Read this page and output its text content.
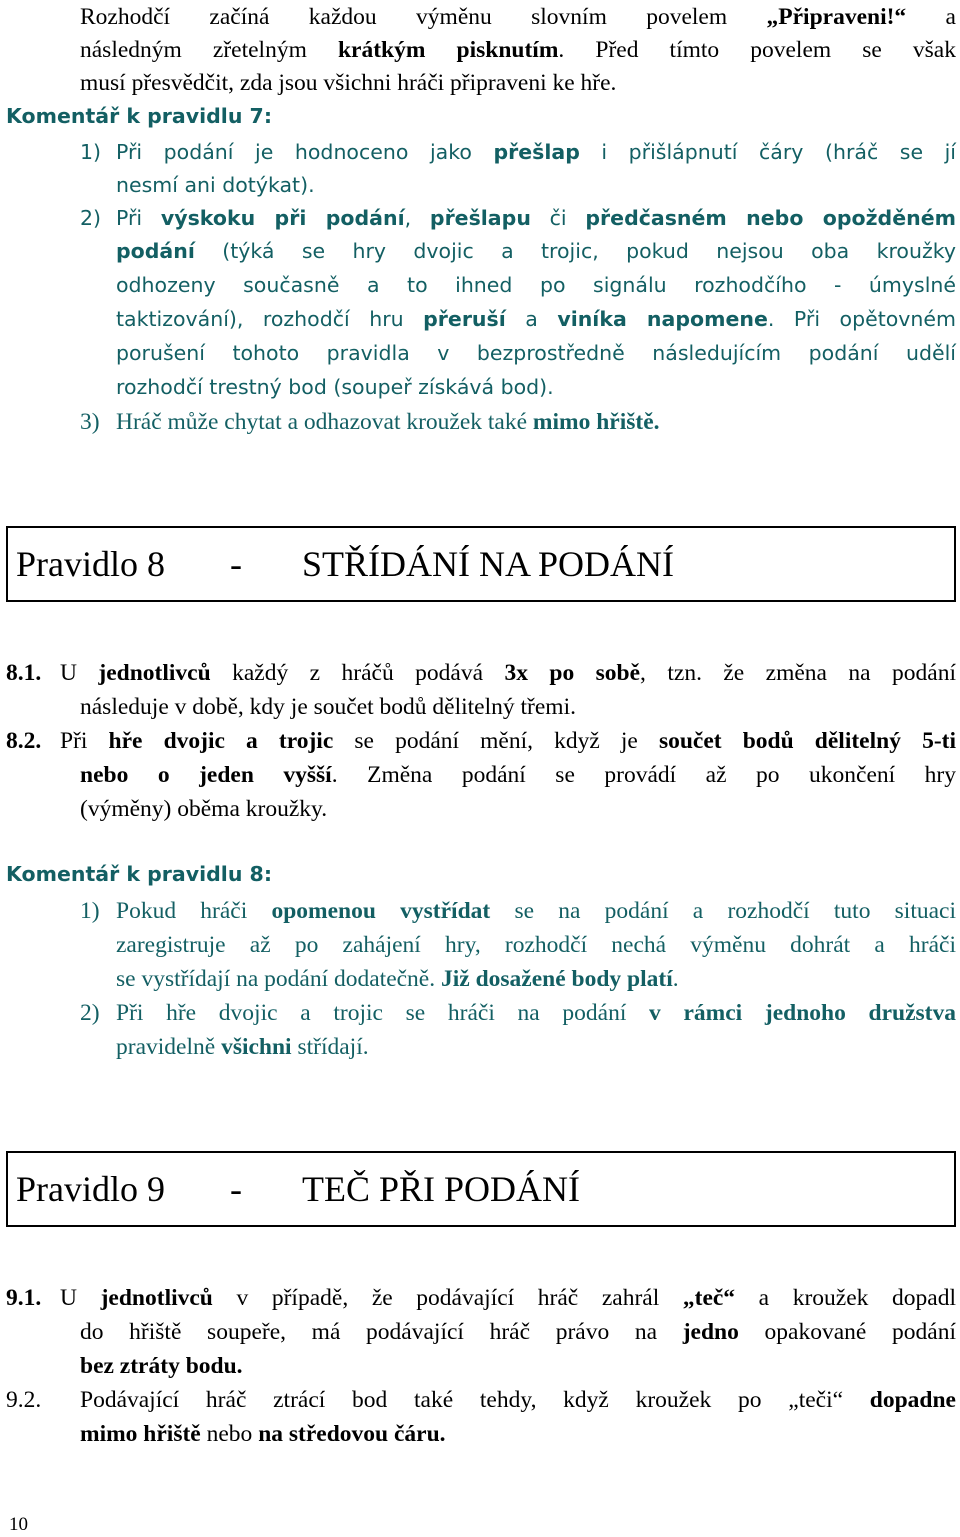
Rozhodčí začíná každou výměnu slovním povelem „Připraveni!“ a
následným zřetelným krátkým pisknutím. Před tímto povelem se však
musí přesvědčit, zda jsou všichni hráči připraveni ke hře.
Komentář k pravidlu 7:
1) Při podání je hodnoceno jako přešlap i přišlápnutí čáry (hráč se jí
nesmí ani dotýkat).
2) Při výskoku při podání, přešlapu či předčasném nebo opožděném
podání (týká se hry dvojic a trojic, pokud nejsou oba kroužky
odhozeny současně a to ihned po signálu rozhodčího - úmyslné
taktizování), rozhodčí hru přeruší a viníka napomene. Při opětovném
porušení tohoto pravidla v bezprostředně následujícím podání udělí
rozhodčí trestný bod (soupeř získává bod).
3) Hráč může chytat a odhazovat kroužek také mimo hřiště.
Pravidlo 8 - STŘÍDÁNÍ NA PODÁNÍ
8.1. U jednotlivců každý z hráčů podává 3x po sobě, tzn. že změna na podání
následuje v době, kdy je součet bodů dělitelný třemi.
8.2. Při hře dvojic a trojic se podání mění, když je součet bodů dělitelný 5-ti
nebo o jeden vyšší. Změna podání se provádí až po ukončení hry
(výměny) oběma kroužky.
Komentář k pravidlu 8:
1) Pokud hráči opomenou vystřídat se na podání a rozhodčí tuto situaci
zaregistruje až po zahájení hry, rozhodčí nechá výměnu dohrát a hráči
se vystřídají na podání dodatečně. Již dosažené body platí.
2) Při hře dvojic a trojic se hráči na podání v rámci jednoho družstva
pravidelně všichni střídají.
Pravidlo 9 - TEČ PŘI PODÁNÍ
9.1. U jednotlivců v případě, že podávající hráč zahrál „teč“ a kroužek dopadl
do hřiště soupeře, má podávající hráč právo na jedno opakované podání
bez ztráty bodu.
9.2. Podávající hráč ztrácí bod také tehdy, když kroužek po „teči“ dopadne
mimo hřiště nebo na středovou čáru.
10
